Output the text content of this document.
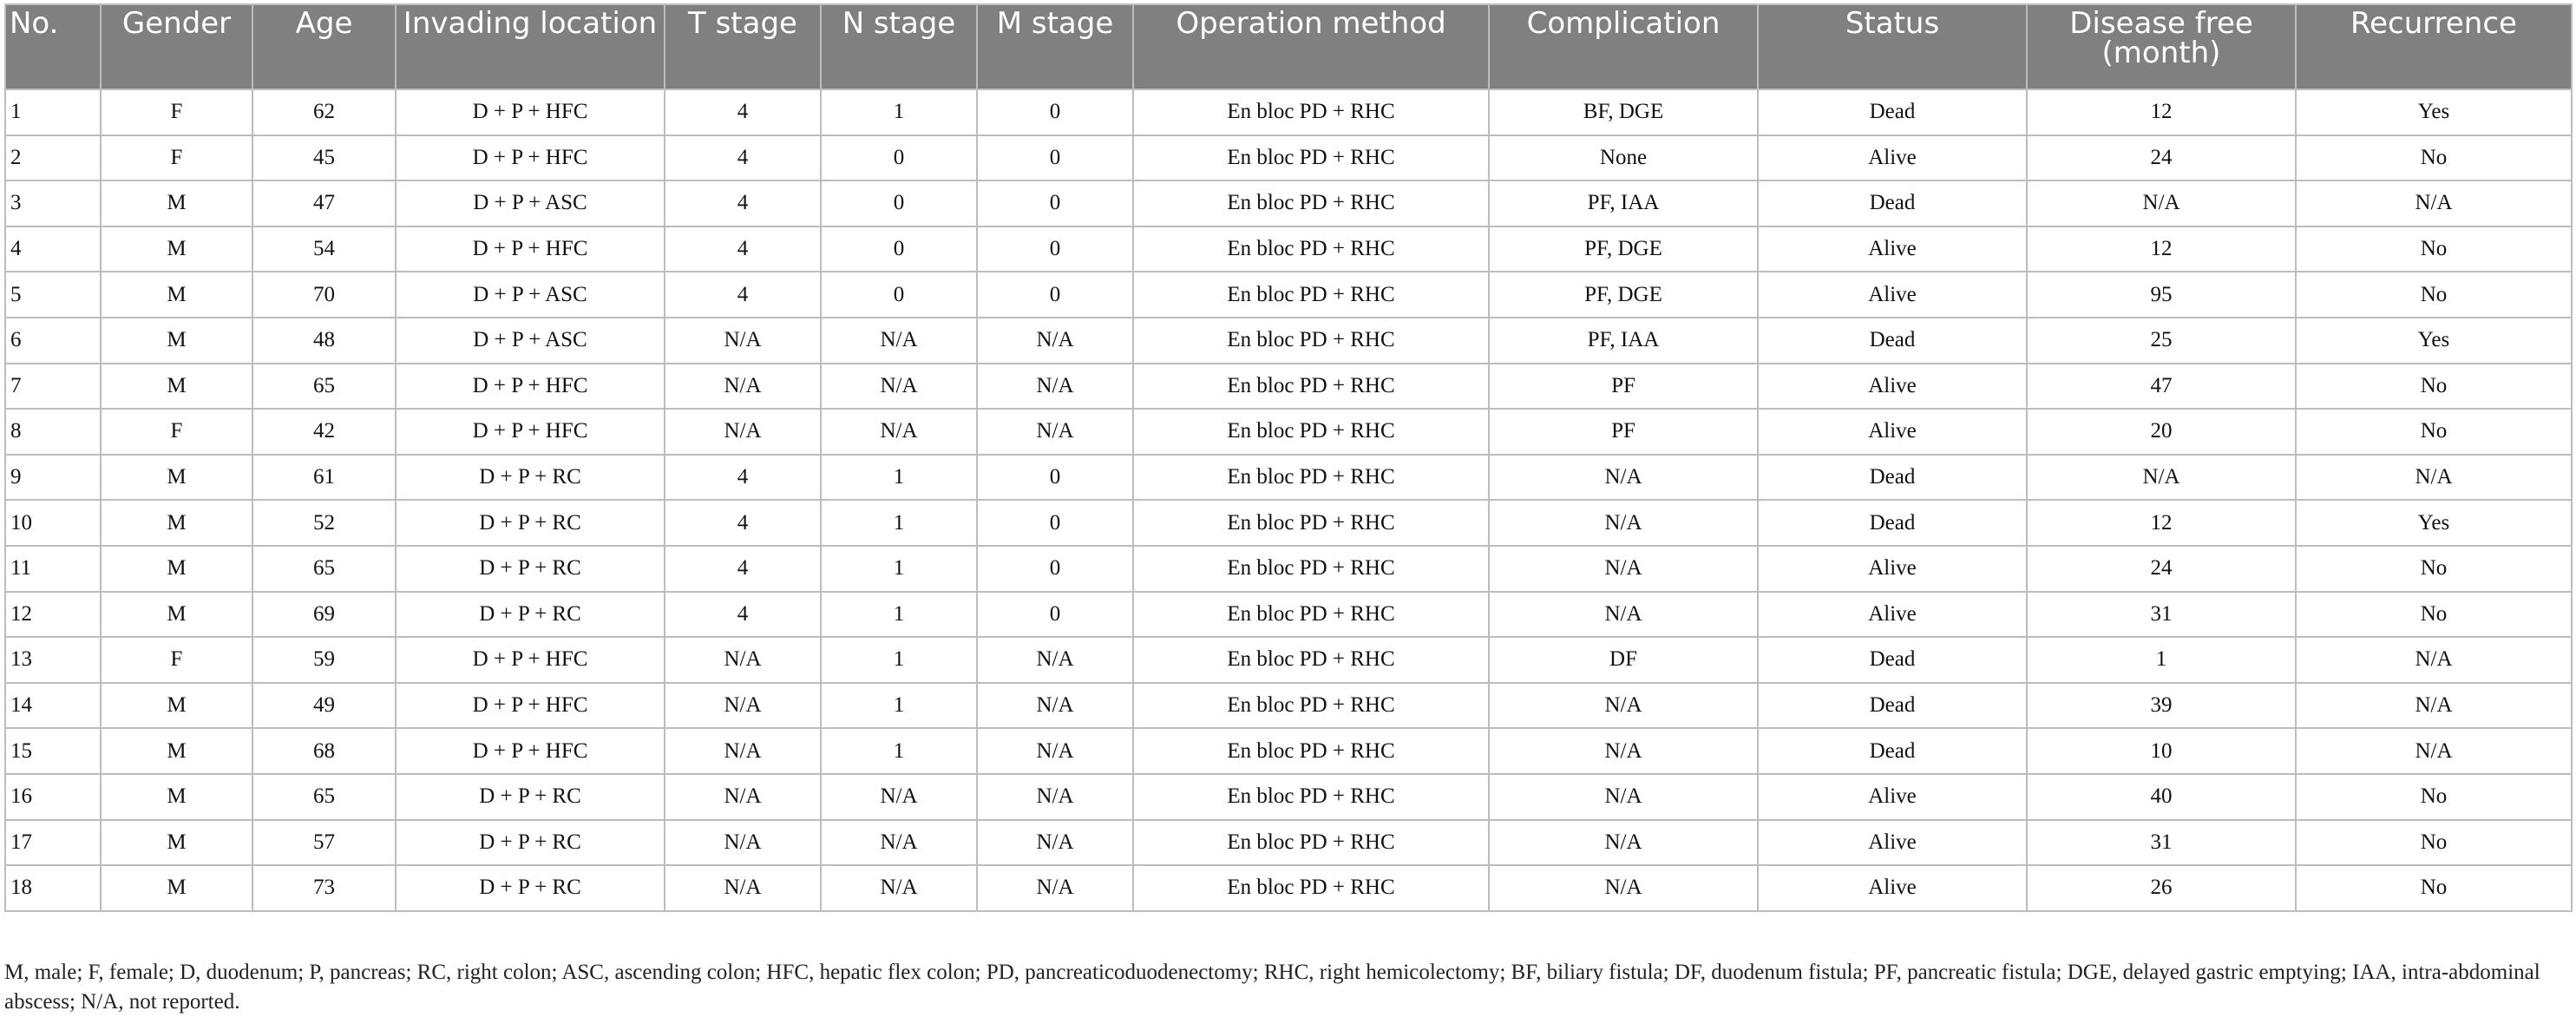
No.	Gender	Age	Invading location	T stage	N stage	M stage	Operation method	Complication	Status	Disease free (month)	Recurrence
1	F	62	D + P + HFC	4	1	0	En bloc PD + RHC	BF, DGE	Dead	12	Yes
2	F	45	D + P + HFC	4	0	0	En bloc PD + RHC	None	Alive	24	No
3	M	47	D + P + ASC	4	0	0	En bloc PD + RHC	PF, IAA	Dead	N/A	N/A
4	M	54	D + P + HFC	4	0	0	En bloc PD + RHC	PF, DGE	Alive	12	No
5	M	70	D + P + ASC	4	0	0	En bloc PD + RHC	PF, DGE	Alive	95	No
6	M	48	D + P + ASC	N/A	N/A	N/A	En bloc PD + RHC	PF, IAA	Dead	25	Yes
7	M	65	D + P + HFC	N/A	N/A	N/A	En bloc PD + RHC	PF	Alive	47	No
8	F	42	D + P + HFC	N/A	N/A	N/A	En bloc PD + RHC	PF	Alive	20	No
9	M	61	D + P + RC	4	1	0	En bloc PD + RHC	N/A	Dead	N/A	N/A
10	M	52	D + P + RC	4	1	0	En bloc PD + RHC	N/A	Dead	12	Yes
11	M	65	D + P + RC	4	1	0	En bloc PD + RHC	N/A	Alive	24	No
12	M	69	D + P + RC	4	1	0	En bloc PD + RHC	N/A	Alive	31	No
13	F	59	D + P + HFC	N/A	1	N/A	En bloc PD + RHC	DF	Dead	1	N/A
14	M	49	D + P + HFC	N/A	1	N/A	En bloc PD + RHC	N/A	Dead	39	N/A
15	M	68	D + P + HFC	N/A	1	N/A	En bloc PD + RHC	N/A	Dead	10	N/A
16	M	65	D + P + RC	N/A	N/A	N/A	En bloc PD + RHC	N/A	Alive	40	No
17	M	57	D + P + RC	N/A	N/A	N/A	En bloc PD + RHC	N/A	Alive	31	No
18	M	73	D + P + RC	N/A	N/A	N/A	En bloc PD + RHC	N/A	Alive	26	No
M, male; F, female; D, duodenum; P, pancreas; RC, right colon; ASC, ascending colon; HFC, hepatic flex colon; PD, pancreaticoduodenectomy; RHC, right hemicolectomy; BF, biliary fistula; DF, duodenum fistula; PF, pancreatic fistula; DGE, delayed gastric emptying; IAA, intra-abdominal abscess; N/A, not reported.
